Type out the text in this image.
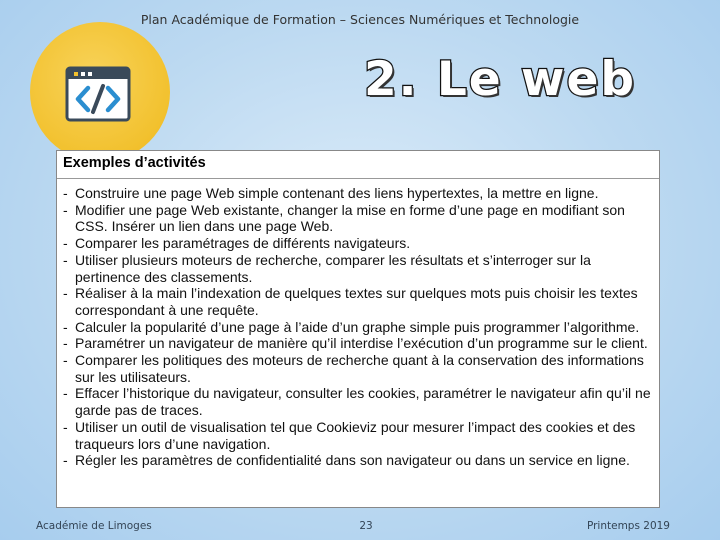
Plan Académique de Formation – Sciences Numériques et Technologie
2. Le web
Exemples d’activités
- Construire une page Web simple contenant des liens hypertextes, la mettre en ligne.
- Modifier une page Web existante, changer la mise en forme d’une page en modifiant son CSS. Insérer un lien dans une page Web.
- Comparer les paramétrages de différents navigateurs.
- Utiliser plusieurs moteurs de recherche, comparer les résultats et s’interroger sur la pertinence des classements.
- Réaliser à la main l’indexation de quelques textes sur quelques mots puis choisir les textes correspondant à une requête.
- Calculer la popularité d’une page à l’aide d’un graphe simple puis programmer l’algorithme.
- Paramétrer un navigateur de manière qu’il interdise l’exécution d’un programme sur le client.
- Comparer les politiques des moteurs de recherche quant à la conservation des informations sur les utilisateurs.
- Effacer l’historique du navigateur, consulter les cookies, paramétrer le navigateur afin qu’il ne garde pas de traces.
- Utiliser un outil de visualisation tel que Cookieviz pour mesurer l’impact des cookies et des traqueurs lors d’une navigation.
- Régler les paramètres de confidentialité dans son navigateur ou dans un service en ligne.
Académie de Limoges	23	Printemps 2019
